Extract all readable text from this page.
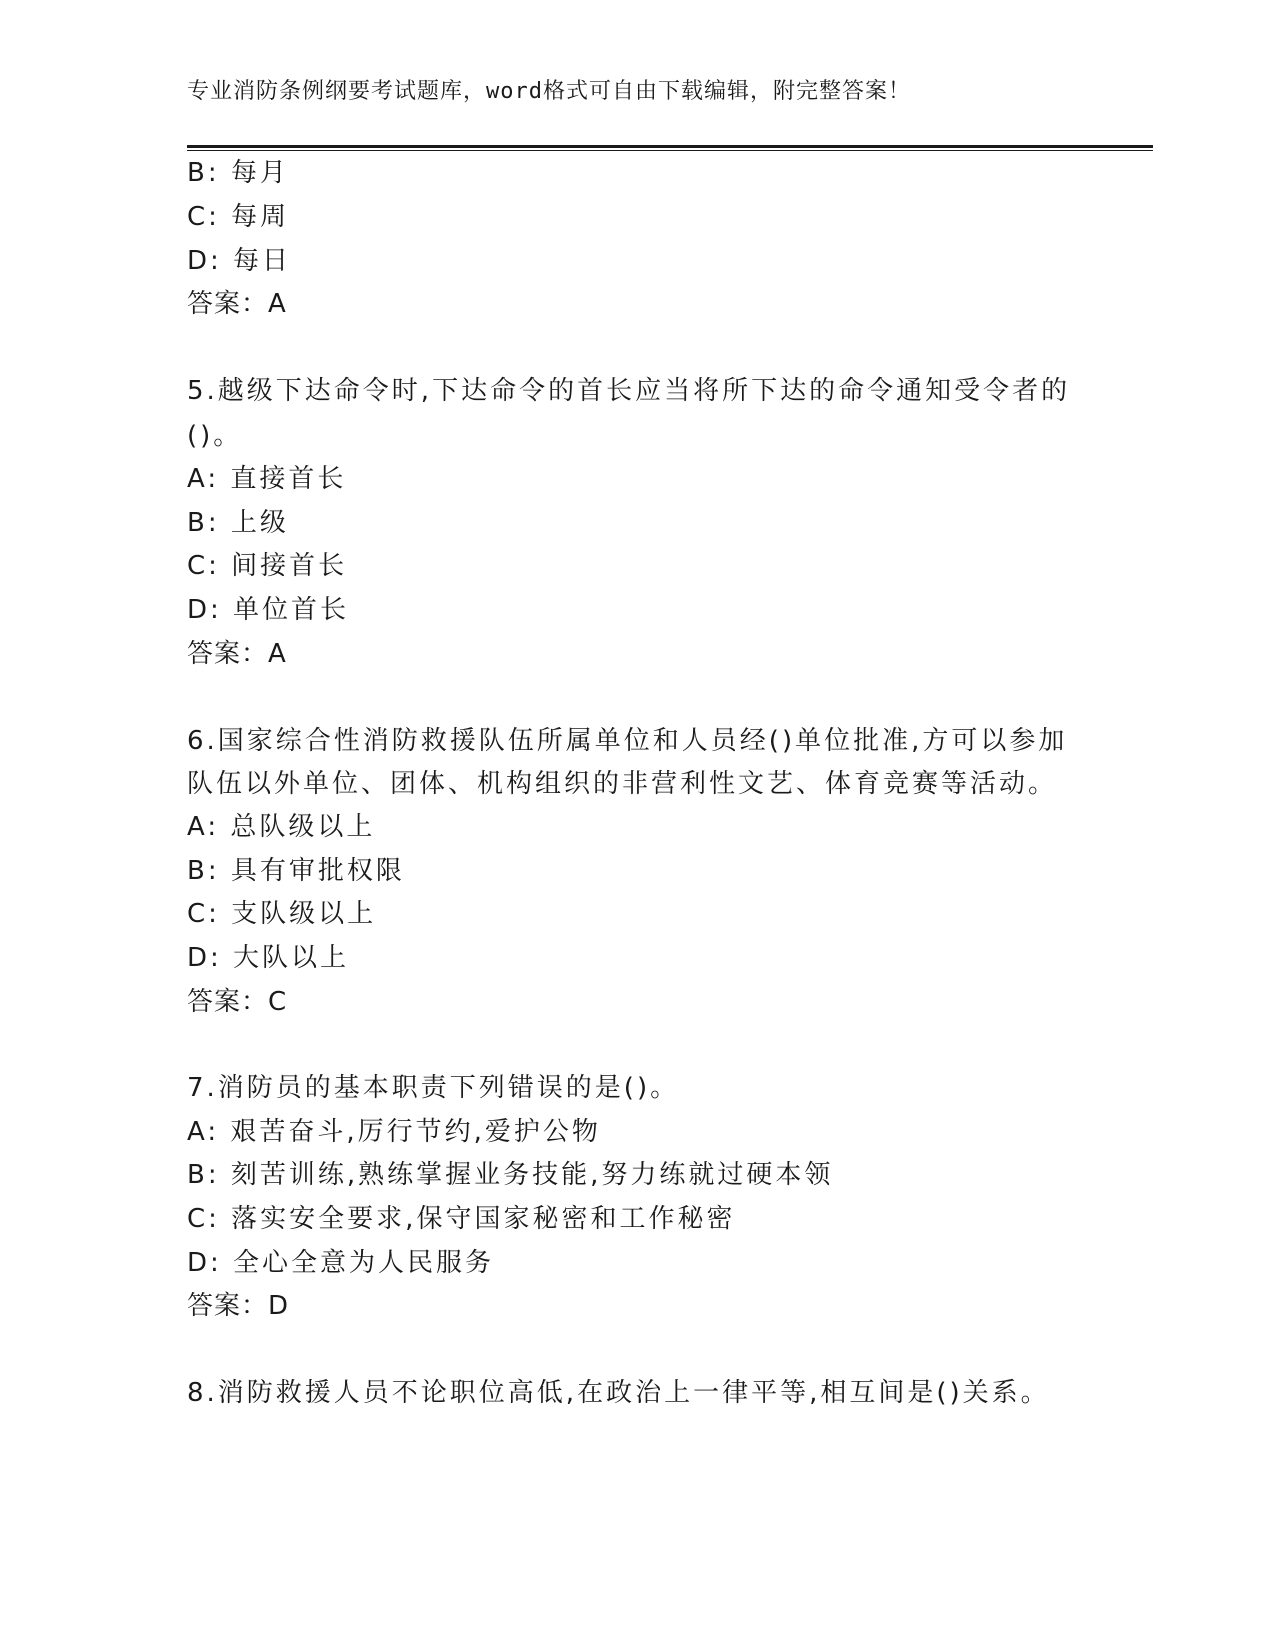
专业消防条例纲要考试题库，word格式可自由下载编辑，附完整答案！
B: 每月
C: 每周
D: 每日
答案：A
5.越级下达命令时,下达命令的首长应当将所下达的命令通知受令者的
()。
A: 直接首长
B: 上级
C: 间接首长
D: 单位首长
答案：A
6.国家综合性消防救援队伍所属单位和人员经()单位批准,方可以参加
队伍以外单位、团体、机构组织的非营利性文艺、体育竞赛等活动。
A: 总队级以上
B: 具有审批权限
C: 支队级以上
D: 大队以上
答案：C
7.消防员的基本职责下列错误的是()。
A: 艰苦奋斗,厉行节约,爱护公物
B: 刻苦训练,熟练掌握业务技能,努力练就过硬本领
C: 落实安全要求,保守国家秘密和工作秘密
D: 全心全意为人民服务
答案：D
8.消防救援人员不论职位高低,在政治上一律平等,相互间是()关系。
